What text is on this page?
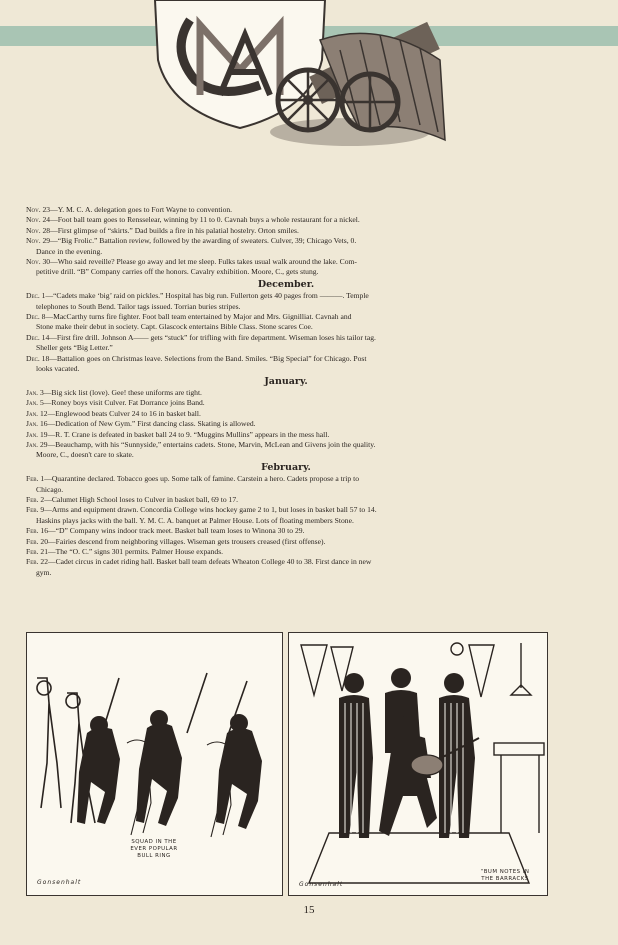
Nov. 23—Y. M. C. A. delegation goes to Fort Wayne to convention.
Nov. 24—Foot ball team goes to Rensselear, winning by 11 to 0. Cavnah buys a whole restaurant for a nickel.
Nov. 28—First glimpse of “skirts.” Dad builds a fire in his palatial hostelry. Orton smiles.
Nov. 29—“Big Frolic.” Battalion review, followed by the awarding of sweaters. Culver, 39; Chicago Vets, 0.
Dance in the evening.
Nov. 30—Who said reveille? Please go away and let me sleep. Fulks takes usual walk around the lake. Com-
petitive drill. “B” Company carries off the honors. Cavalry exhibition. Moore, C., gets stung.
December.
Dec. 1—“Cadets make ‘big’ raid on pickles.” Hospital has big run. Fullerton gets 40 pages from ———. Temple
telephones to South Bend. Tailor tags issued. Torrian buries stripes.
Dec. 8—MacCarthy turns fire fighter. Foot ball team entertained by Major and Mrs. Gignilliat. Cavnah and
Stone make their debut in society. Capt. Glascock entertains Bible Class. Stone scares Coe.
Dec. 14—First fire drill. Johnson A—— gets “stuck” for trifling with fire department. Wiseman loses his tailor tag.
Sheller gets “Big Letter.”
Dec. 18—Battalion goes on Christmas leave. Selections from the Band. Smiles. “Big Special” for Chicago. Post
looks vacated.
January.
Jan. 3—Big sick list (love). Gee! these uniforms are tight.
Jan. 5—Roney boys visit Culver. Fat Dorrance joins Band.
Jan. 12—Englewood beats Culver 24 to 16 in basket ball.
Jan. 16—Dedication of New Gym.” First dancing class. Skating is allowed.
Jan. 19—R. T. Crane is defeated in basket ball 24 to 9. “Muggins Mullins” appears in the mess hall.
Jan. 29—Beauchamp, with his “Sunnyside,” entertains cadets. Stone, Marvin, McLean and Givens join the quality.
Moore, C., doesn't care to skate.
February.
Feb. 1—Quarantine declared. Tobacco goes up. Some talk of famine. Carstein a hero. Cadets propose a trip to
Chicago.
Feb. 2—Calumet High School loses to Culver in basket ball, 69 to 17.
Feb. 9—Arms and equipment drawn. Concordia College wins hockey game 2 to 1, but loses in basket ball 57 to 14.
Haskins plays jacks with the ball. Y. M. C. A. banquet at Palmer House. Lots of floating members Stone.
Feb. 16—“D” Company wins indoor track meet. Basket ball team loses to Winona 30 to 29.
Feb. 20—Fairies descend from neighboring villages. Wiseman gets trousers creased (first offense).
Feb. 21—The “O. C.” signs 301 permits. Palmer House expands.
Feb. 22—Cadet circus in cadet riding hall. Basket ball team defeats Wheaton College 40 to 38. First dance in new
gym.
SQUAD IN THE
EVER POPULAR
BULL RING
Gonsenhalt
“BUM NOTES IN
THE BARRACKS
Gonsenhalt
15
